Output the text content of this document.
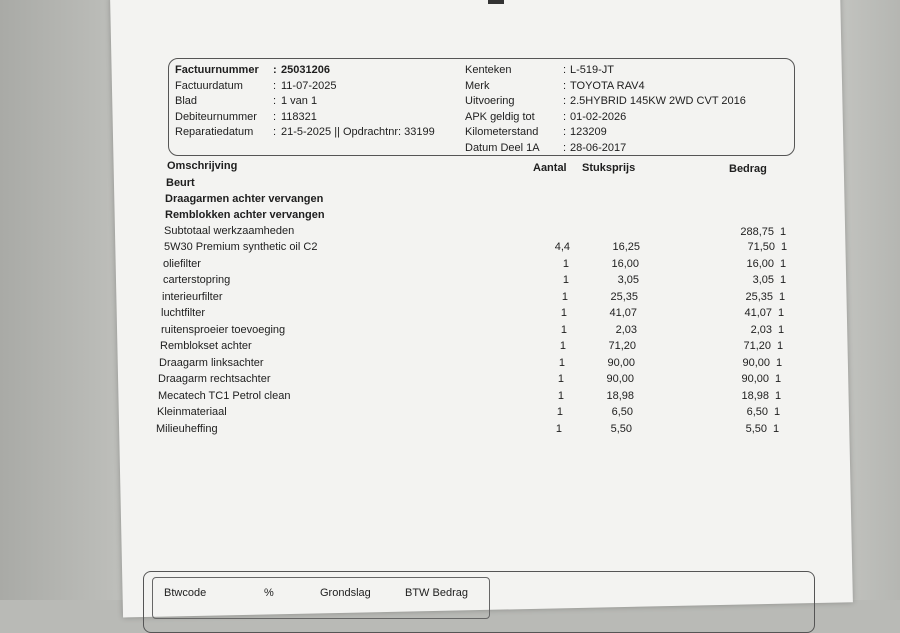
Factuurnummer : 25031206
Factuurdatum	: 11-07-2025
Blad	: 1 van 1
Debiteurnummer : 118321
Reparatiedatum : 21-5-2025 || Opdrachtnr: 33199
Kenteken	: L-519-JT
Merk	: TOYOTA RAV4
Uitvoering	: 2.5HYBRID 145KW 2WD CVT 2016
APK geldig tot	: 01-02-2026
Kilometerstand : 123209
Datum Deel 1A : 28-06-2017
Omschrijving	Aantal Stuksprijs	Bedrag
Beurt
Draagarmen achter vervangen
Remblokken achter vervangen
Subtotaal werkzaamheden	288,75 1
5W30 Premium synthetic oil C2	4,4	16,25	71,50 1
oliefilter	1	16,00	16,00 1
carterstopring	1	3,05	3,05 1
interieurfilter	1	25,35	25,35 1
luchtfilter	1	41,07	41,07 1
ruitensproeier toevoeging	1	2,03	2,03 1
Remblokset achter	1	71,20	71,20 1
Draagarm linksachter	1	90,00	90,00 1
Draagarm rechtsachter	1	90,00	90,00 1
Mecatech TC1 Petrol clean	1	18,98	18,98 1
Kleinmateriaal	1	6,50	6,50 1
Milieuheffing	1	5,50	5,50 1
Btwcode	%	Grondslag	BTW Bedrag
